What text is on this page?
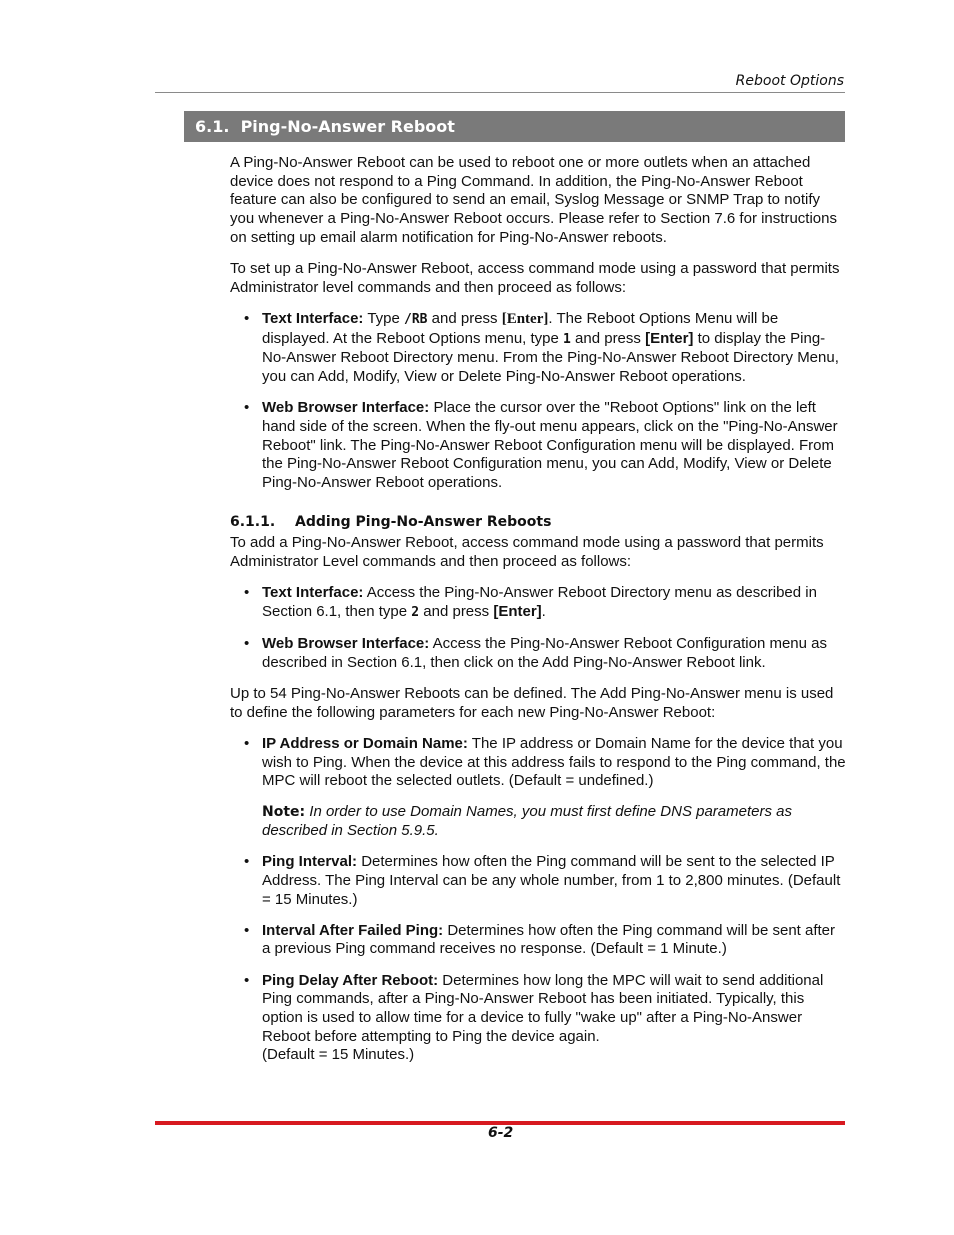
Reboot Options
6.1. Ping-No-Answer Reboot

A Ping-No-Answer Reboot can be used to reboot one or more outlets when an attached device does not respond to a Ping Command. In addition, the Ping-No-Answer Reboot feature can also be configured to send an email, Syslog Message or SNMP Trap to notify you whenever a Ping-No-Answer Reboot occurs. Please refer to Section 7.6 for instructions on setting up email alarm notification for Ping-No-Answer reboots.

To set up a Ping-No-Answer Reboot, access command mode using a password that permits Administrator level commands and then proceed as follows:

• Text Interface: Type /RB and press [Enter]. The Reboot Options Menu will be displayed. At the Reboot Options menu, type 1 and press [Enter] to display the Ping-No-Answer Reboot Directory menu. From the Ping-No-Answer Reboot Directory Menu, you can Add, Modify, View or Delete Ping-No-Answer Reboot operations.
• Web Browser Interface: Place the cursor over the "Reboot Options" link on the left hand side of the screen. When the fly-out menu appears, click on the "Ping-No-Answer Reboot" link. The Ping-No-Answer Reboot Configuration menu will be displayed. From the Ping-No-Answer Reboot Configuration menu, you can Add, Modify, View or Delete Ping-No-Answer Reboot operations.
6.1.1. Adding Ping-No-Answer Reboots

To add a Ping-No-Answer Reboot, access command mode using a password that permits Administrator Level commands and then proceed as follows:

• Text Interface: Access the Ping-No-Answer Reboot Directory menu as described in Section 6.1, then type 2 and press [Enter].
• Web Browser Interface: Access the Ping-No-Answer Reboot Configuration menu as described in Section 6.1, then click on the Add Ping-No-Answer Reboot link.

Up to 54 Ping-No-Answer Reboots can be defined. The Add Ping-No-Answer menu is used to define the following parameters for each new Ping-No-Answer Reboot:

• IP Address or Domain Name: The IP address or Domain Name for the device that you wish to Ping. When the device at this address fails to respond to the Ping command, the MPC will reboot the selected outlets. (Default = undefined.)
Note: In order to use Domain Names, you must first define DNS parameters as described in Section 5.9.5.
• Ping Interval: Determines how often the Ping command will be sent to the selected IP Address. The Ping Interval can be any whole number, from 1 to 2,800 minutes. (Default = 15 Minutes.)
• Interval After Failed Ping: Determines how often the Ping command will be sent after a previous Ping command receives no response. (Default = 1 Minute.)
• Ping Delay After Reboot: Determines how long the MPC will wait to send additional Ping commands, after a Ping-No-Answer Reboot has been initiated. Typically, this option is used to allow time for a device to fully "wake up" after a Ping-No-Answer Reboot before attempting to Ping the device again.
(Default = 15 Minutes.)
6-2
